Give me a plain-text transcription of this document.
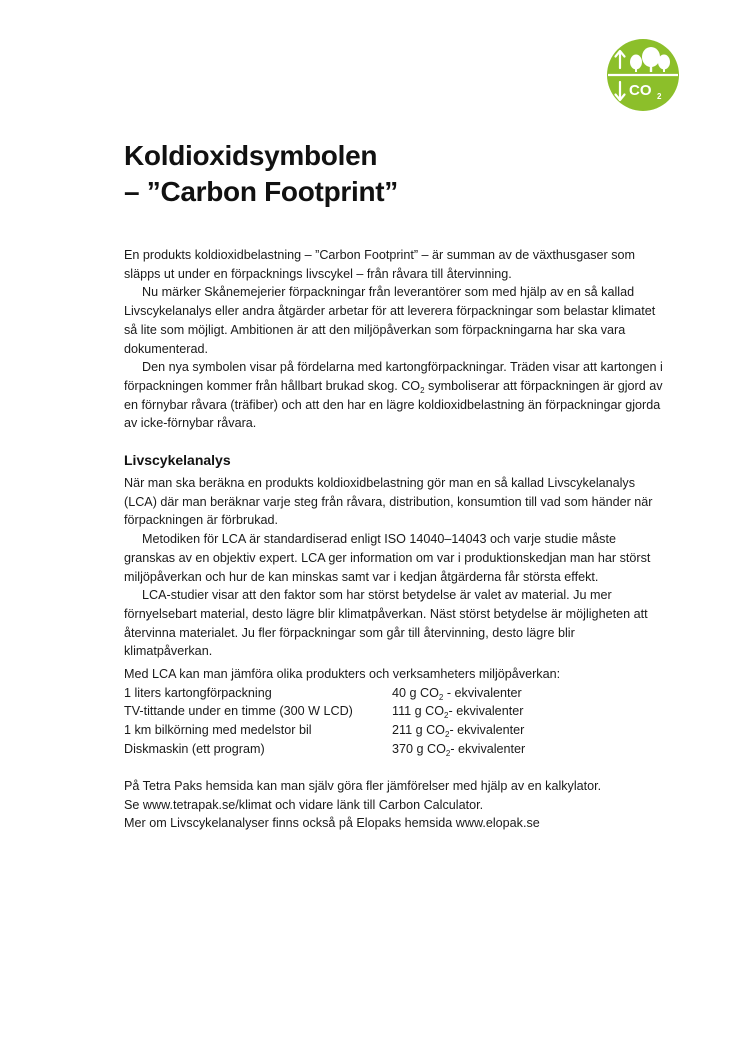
CO 2
Koldioxidsymbolen
– ”Carbon Footprint”

En produkts koldioxidbelastning – ”Carbon Footprint” – är summan av de växthusgaser som släpps ut under en förpacknings livscykel – från råvara till återvinning.

Nu märker Skånemejerier förpackningar från leverantörer som med hjälp av en så kallad Livscykelanalys eller andra åtgärder arbetar för att leverera förpackningar som belastar klimatet så lite som möjligt. Ambitionen är att den miljöpåverkan som förpackningarna har ska vara dokumenterad.

Den nya symbolen visar på fördelarna med kartongförpackningar. Träden visar att kartongen i förpackningen kommer från hållbart brukad skog. $CO_2$ symboliserar att förpackningen är gjord av en förnybar råvara (träfiber) och att den har en lägre koldioxidbelastning än förpackningar gjorda av icke-förnybar råvara.

Livscykelanalys

När man ska beräkna en produkts koldioxidbelastning gör man en så kallad Livscykelanalys (LCA) där man beräknar varje steg från råvara, distribution, konsumtion till vad som händer när förpackningen är förbrukad.

Metodiken för LCA är standardiserad enligt ISO 14040–14043 och varje studie måste granskas av en objektiv expert. LCA ger information om var i produktionskedjan man har störst miljöpåverkan och hur de kan minskas samt var i kedjan åtgärderna får största effekt.

LCA-studier visar att den faktor som har störst betydelse är valet av material. Ju mer förnyelsebart material, desto lägre blir klimatpåverkan. Näst störst betydelse är möjligheten att återvinna materialet. Ju fler förpackningar som går till återvinning, desto lägre blir klimatpåverkan.

Med LCA kan man jämföra olika produkters och verksamheters miljöpåverkan:

1 liters kartongförpackning	40 g $CO_2$ - ekvivalenter
TV-tittande under en timme (300 W LCD)	111 g $CO_2-$ ekvivalenter
1 km bilkörning med medelstor bil	211 g $CO_2-$ ekvivalenter
Diskmaskin (ett program)	370 g $CO_2-$ ekvivalenter

På Tetra Paks hemsida kan man själv göra fler jämförelser med hjälp av en kalkylator.

Se www.tetrapak.se/klimat och vidare länk till Carbon Calculator.

Mer om Livscykelanalyser finns också på Elopaks hemsida www.elopak.se
